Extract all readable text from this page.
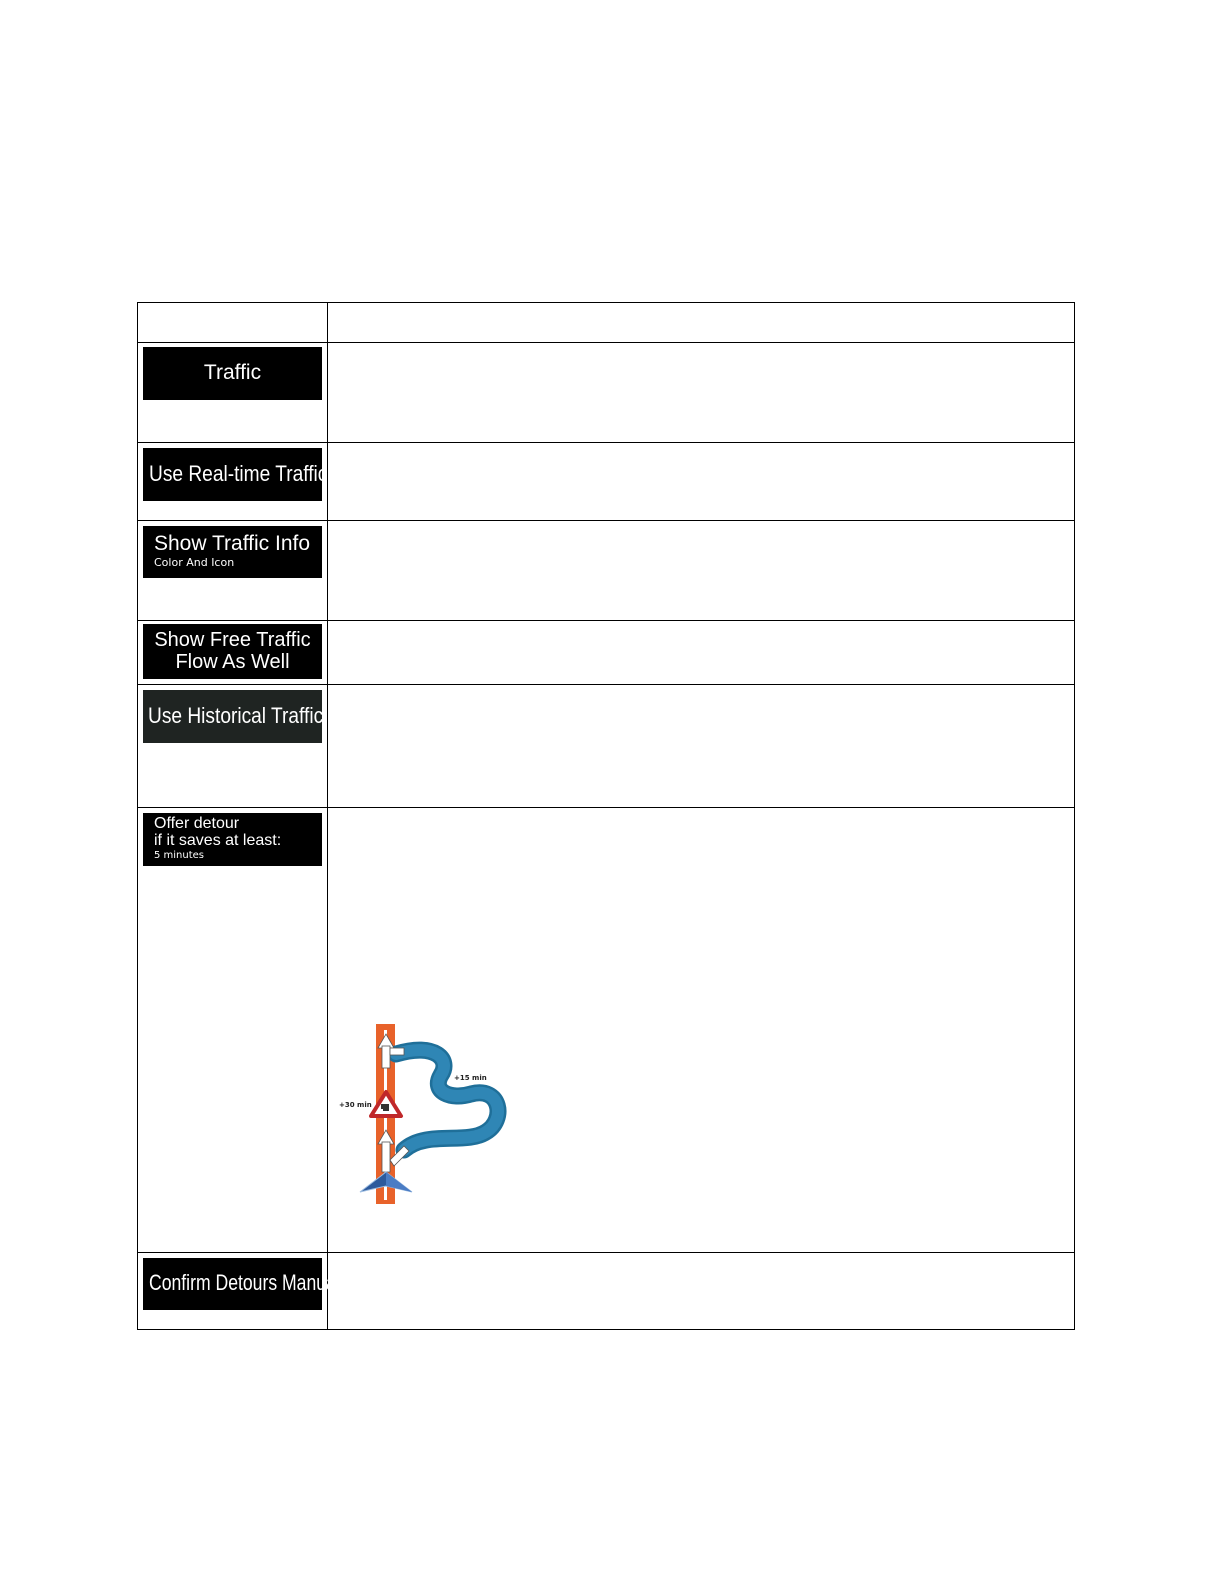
Traffic
Use Real-time Traffic
Show Traffic Info
Color And Icon
Show Free Traffic
Flow As Well
Use Historical Traffic
Offer detour
if it saves at least:
5 minutes
+30 min
+15 min
Confirm Detours Manually
